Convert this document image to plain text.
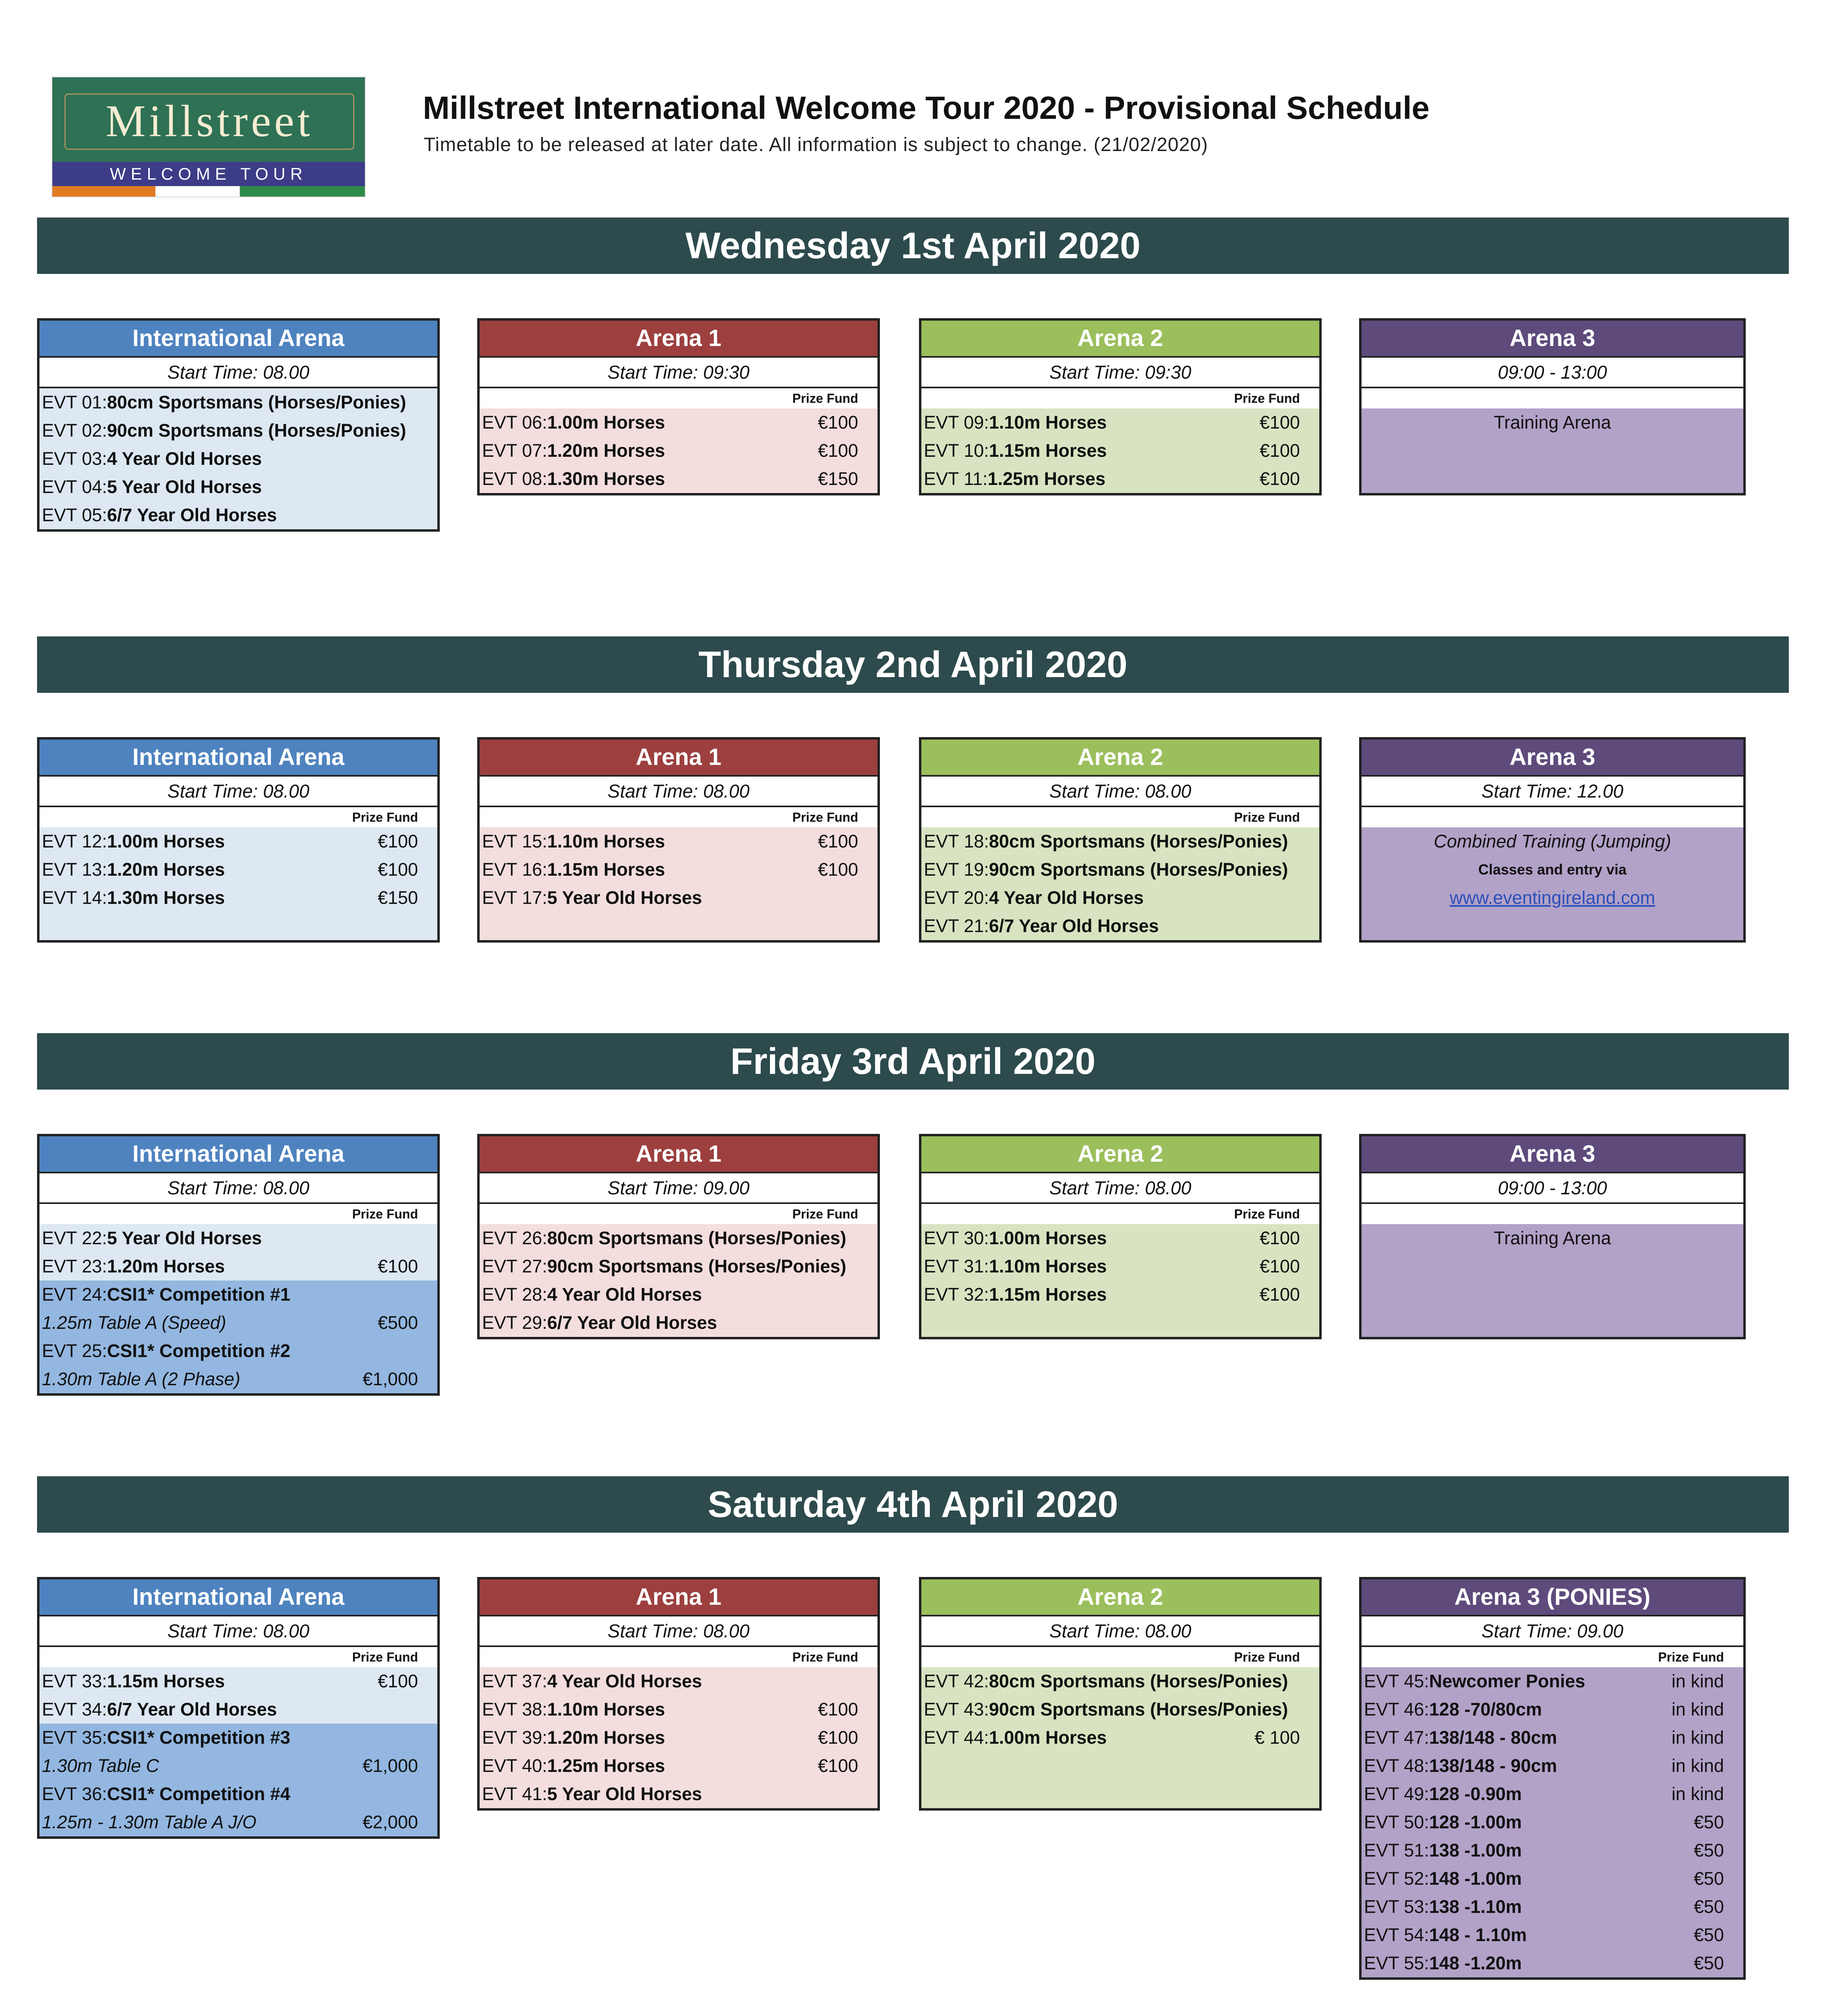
Millstreet
WELCOME TOUR
Millstreet International Welcome Tour 2020 - Provisional Schedule
Timetable to be released at later date. All information is subject to change. (21/02/2020)
Wednesday 1st April 2020
International Arena
Start Time: 08.00
EVT 01:80cm Sportsmans (Horses/Ponies)
EVT 02:90cm Sportsmans (Horses/Ponies)
EVT 03:4 Year Old Horses
EVT 04:5 Year Old Horses
EVT 05:6/7 Year Old Horses
Arena 1
Start Time: 09:30
Prize Fund
EVT 06:1.00m Horses	€100
EVT 07:1.20m Horses	€100
EVT 08:1.30m Horses	€150
Arena 2
Start Time: 09:30
Prize Fund
EVT 09:1.10m Horses	€100
EVT 10:1.15m Horses	€100
EVT 11:1.25m Horses	€100
Arena 3
09:00 - 13:00
Training Arena
Thursday 2nd April 2020
International Arena
Start Time: 08.00
Prize Fund
EVT 12:1.00m Horses	€100
EVT 13:1.20m Horses	€100
EVT 14:1.30m Horses	€150
Arena 1
Start Time: 08.00
Prize Fund
EVT 15:1.10m Horses	€100
EVT 16:1.15m Horses	€100
EVT 17:5 Year Old Horses
Arena 2
Start Time: 08.00
Prize Fund
EVT 18:80cm Sportsmans (Horses/Ponies)
EVT 19:90cm Sportsmans (Horses/Ponies)
EVT 20:4 Year Old Horses
EVT 21:6/7 Year Old Horses
Arena 3
Start Time: 12.00
Combined Training (Jumping)
Classes and entry via
www.eventingireland.com
Friday 3rd April 2020
International Arena
Start Time: 08.00
Prize Fund
EVT 22:5 Year Old Horses
EVT 23:1.20m Horses	€100
EVT 24:CSI1* Competition #1
1.25m Table A (Speed)	€500
EVT 25:CSI1* Competition #2
1.30m Table A (2 Phase)	€1,000
Arena 1
Start Time: 09.00
Prize Fund
EVT 26:80cm Sportsmans (Horses/Ponies)
EVT 27:90cm Sportsmans (Horses/Ponies)
EVT 28:4 Year Old Horses
EVT 29:6/7 Year Old Horses
Arena 2
Start Time: 08.00
Prize Fund
EVT 30:1.00m Horses	€100
EVT 31:1.10m Horses	€100
EVT 32:1.15m Horses	€100
Arena 3
09:00 - 13:00
Training Arena
Saturday 4th April 2020
International Arena
Start Time: 08.00
Prize Fund
EVT 33:1.15m Horses	€100
EVT 34:6/7 Year Old Horses
EVT 35:CSI1* Competition #3
1.30m Table C	€1,000
EVT 36:CSI1* Competition #4
1.25m - 1.30m Table A J/O	€2,000
Arena 1
Start Time: 08.00
Prize Fund
EVT 37:4 Year Old Horses
EVT 38:1.10m Horses	€100
EVT 39:1.20m Horses	€100
EVT 40:1.25m Horses	€100
EVT 41:5 Year Old Horses
Arena 2
Start Time: 08.00
Prize Fund
EVT 42:80cm Sportsmans (Horses/Ponies)
EVT 43:90cm Sportsmans (Horses/Ponies)
EVT 44:1.00m Horses	€ 100
Arena 3 (PONIES)
Start Time: 09.00
Prize Fund
EVT 45:Newcomer Ponies	in kind
EVT 46:128 -70/80cm	in kind
EVT 47:138/148 - 80cm	in kind
EVT 48:138/148 - 90cm	in kind
EVT 49:128 -0.90m	in kind
EVT 50:128 -1.00m	€50
EVT 51:138 -1.00m	€50
EVT 52:148 -1.00m	€50
EVT 53:138 -1.10m	€50
EVT 54:148 - 1.10m	€50
EVT 55:148 -1.20m	€50
